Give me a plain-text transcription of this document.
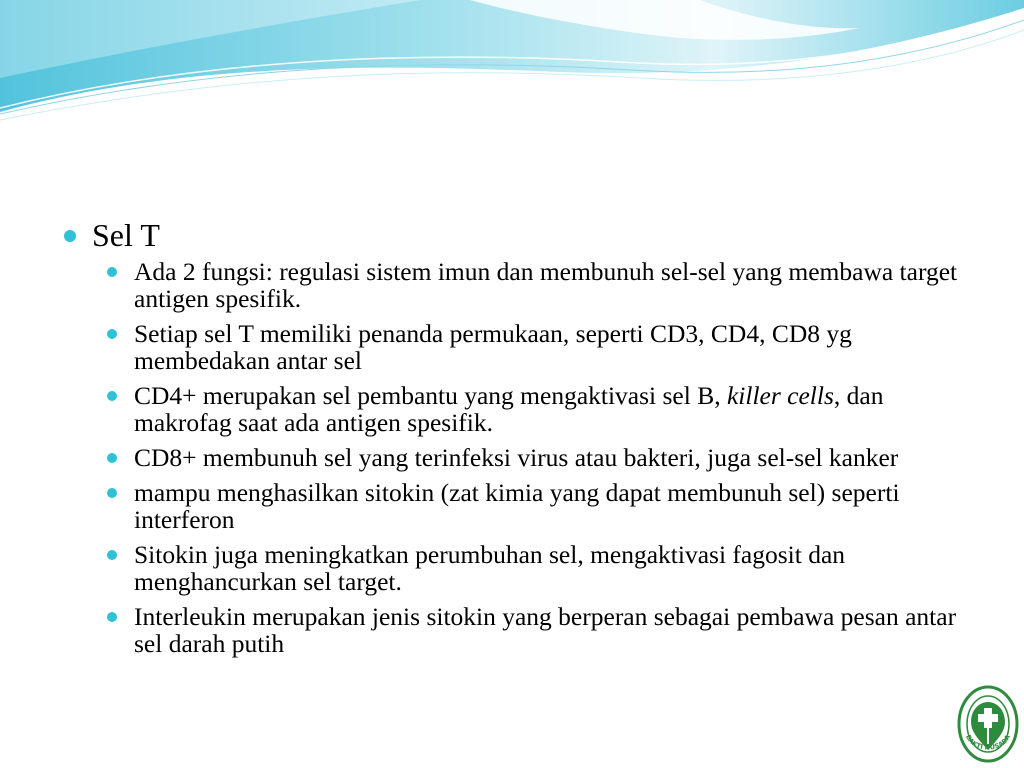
Sel T
Ada 2 fungsi: regulasi sistem imun dan membunuh sel-sel yang membawa target antigen spesifik.
Setiap sel T memiliki penanda permukaan, seperti CD3, CD4, CD8 yg membedakan antar sel
CD4+ merupakan sel pembantu yang mengaktivasi sel B, killer cells, dan makrofag saat ada antigen spesifik.
CD8+ membunuh sel yang terinfeksi virus atau bakteri, juga sel-sel kanker
mampu menghasilkan sitokin (zat kimia yang dapat membunuh sel) seperti interferon
Sitokin juga meningkatkan perumbuhan sel, mengaktivasi fagosit dan menghancurkan sel target.
Interleukin merupakan jenis sitokin yang berperan sebagai pembawa pesan antar sel darah putih
BAKTI HUSADA
